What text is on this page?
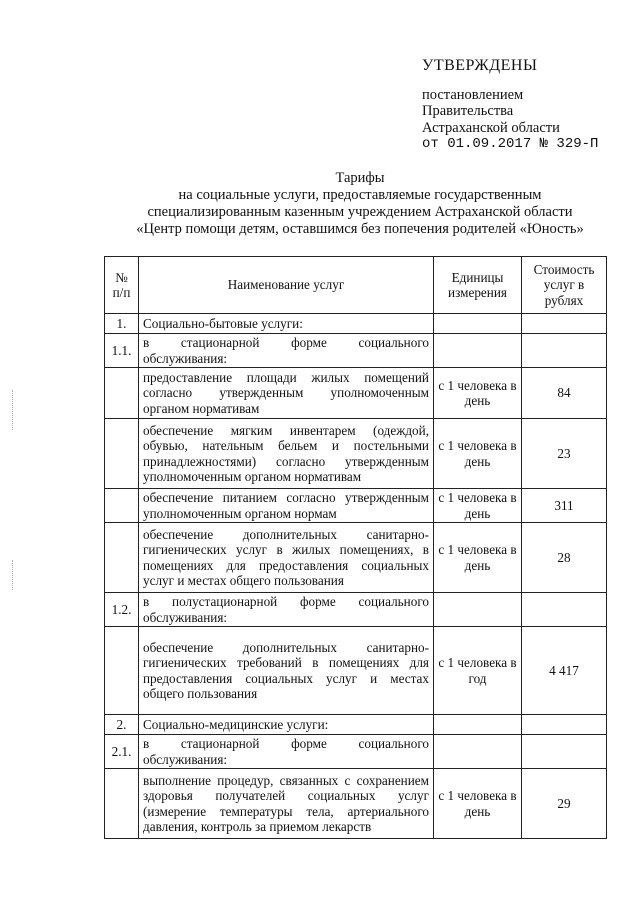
УТВЕРЖДЕНЫ
постановлением
Правительства
Астраханской области
от 01.09.2017 № 329-П
Тарифы
на социальные услуги, предоставляемые государственным
специализированным казенным учреждением Астраханской области
«Центр помощи детям, оставшимся без попечения родителей «Юность»
№ п/п	Наименование услуг	Единицы измерения	Стоимость услуг в рублях
1.	Социально-бытовые услуги:		
1.1.	в стационарной форме социального обслуживания:		
	предоставление площади жилых помещений согласно утвержденным уполномоченным органом нормативам	с 1 человека в день	84
	обеспечение мягким инвентарем (одеждой, обувью, нательным бельем и постельными принадлежностями) согласно утвержденным уполномоченным органом нормативам	с 1 человека в день	23
	обеспечение питанием согласно утвержденным уполномоченным органом нормам	с 1 человека в день	311
	обеспечение дополнительных санитарно-гигиенических услуг в жилых помещениях, в помещениях для предоставления социальных услуг и местах общего пользования	с 1 человека в день	28
1.2.	в полустационарной форме социального обслуживания:		
	обеспечение дополнительных санитарно-гигиенических требований в помещениях для предоставления социальных услуг и местах общего пользования	с 1 человека в год	4 417
2.	Социально-медицинские услуги:		
2.1.	в стационарной форме социального обслуживания:		
	выполнение процедур, связанных с сохранением здоровья получателей социальных услуг (измерение температуры тела, артериального давления, контроль за приемом лекарств	с 1 человека в день	29
